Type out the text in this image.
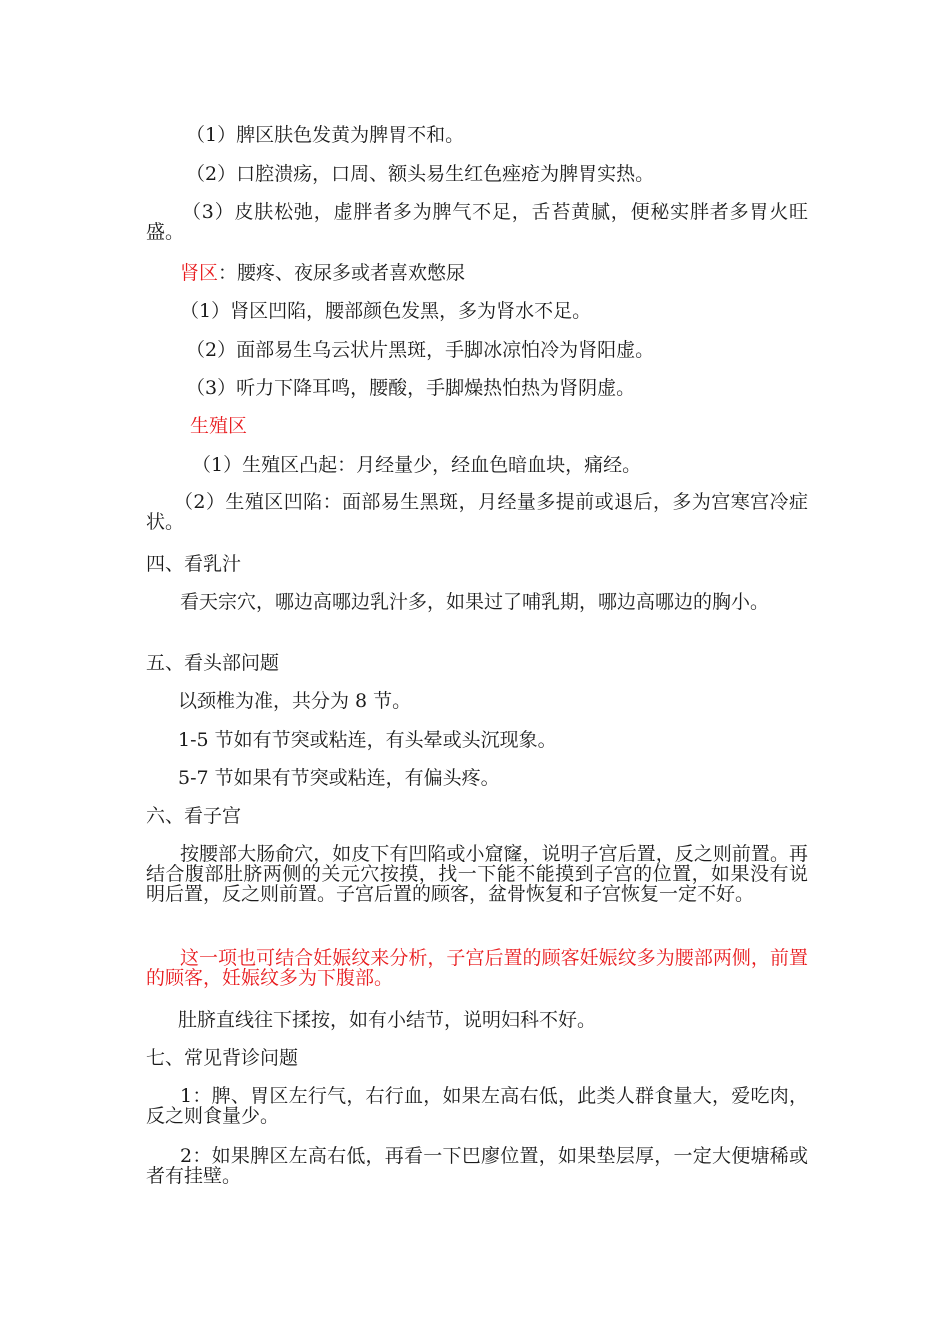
（1）脾区肤色发黄为脾胃不和。
（2）口腔溃疡，口周、额头易生红色痤疮为脾胃实热。
（3）皮肤松弛，虚胖者多为脾气不足，舌苔黄腻，便秘实胖者多胃火旺盛。
肾区：腰疼、夜尿多或者喜欢憋尿
（1）肾区凹陷，腰部颜色发黑，多为肾水不足。
（2）面部易生乌云状片黑斑，手脚冰凉怕冷为肾阳虚。
（3）听力下降耳鸣，腰酸，手脚燥热怕热为肾阴虚。
生殖区
（1）生殖区凸起：月经量少，经血色暗血块，痛经。
（2）生殖区凹陷：面部易生黑斑，月经量多提前或退后，多为宫寒宫冷症状。
四、看乳汁
看天宗穴，哪边高哪边乳汁多，如果过了哺乳期，哪边高哪边的胸小。
五、看头部问题
以颈椎为准，共分为 8 节。
1-5 节如有节突或粘连，有头晕或头沉现象。
5-7 节如果有节突或粘连，有偏头疼。
六、看子宫
按腰部大肠俞穴，如皮下有凹陷或小窟窿，说明子宫后置，反之则前置。再结合腹部肚脐两侧的关元穴按摸，找一下能不能摸到子宫的位置，如果没有说明后置，反之则前置。子宫后置的顾客，盆骨恢复和子宫恢复一定不好。
这一项也可结合妊娠纹来分析，子宫后置的顾客妊娠纹多为腰部两侧，前置的顾客，妊娠纹多为下腹部。
肚脐直线往下揉按，如有小结节，说明妇科不好。
七、常见背诊问题
1：脾、胃区左行气，右行血，如果左高右低，此类人群食量大，爱吃肉，反之则食量少。
2：如果脾区左高右低，再看一下巴廖位置，如果垫层厚，一定大便塘稀或者有挂壁。
